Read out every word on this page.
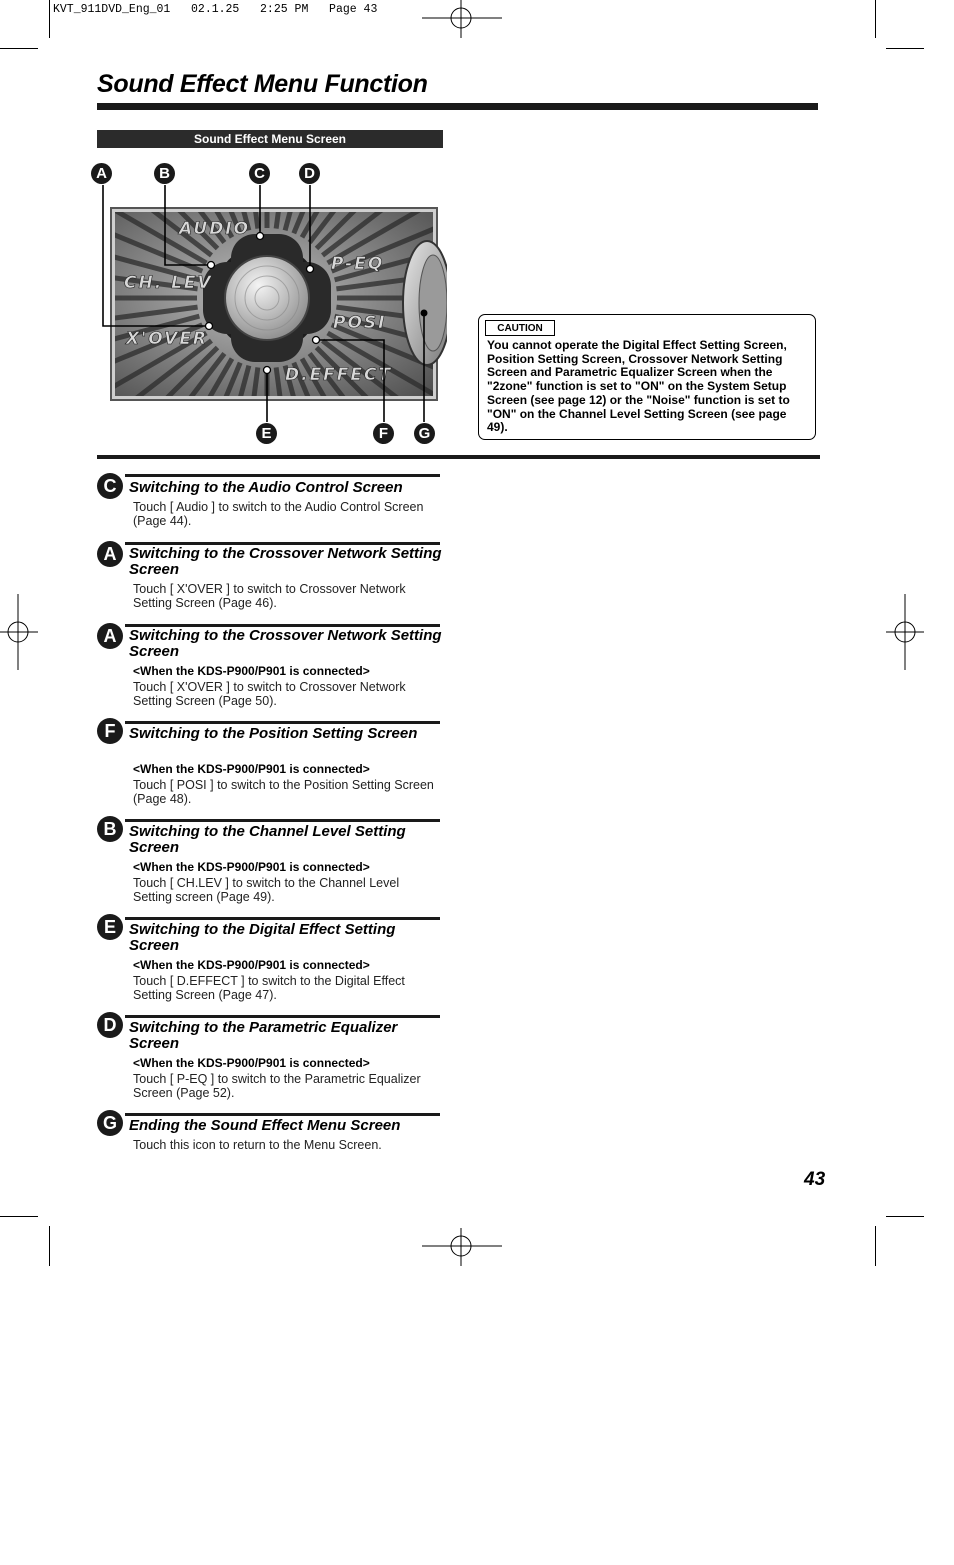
KVT_911DVD_Eng_01   02.1.25   2:25 PM   Page 43
Sound Effect Menu Function
Sound Effect Menu Screen
AUDIO
CH. LEV
X'OVER
P-EQ
POSI
D.EFFECT
A	B	C	D
E	F	G
CAUTION
You cannot operate the Digital Effect Setting Screen, Position Setting Screen, Crossover Network Setting Screen and Parametric Equalizer Screen when the "2zone" function is set to "ON" on the System Setup Screen (see page 12) or the "Noise" function is set to "ON" on the Channel Level Setting Screen (see page 49).
C Switching to the Audio Control Screen
Touch [ Audio ] to switch to the Audio Control Screen (Page 44).
A Switching to the Crossover Network Setting Screen
Touch [ X'OVER ] to switch to Crossover Network Setting Screen (Page 46).
A Switching to the Crossover Network Setting Screen
<When the KDS-P900/P901 is connected>
Touch [ X'OVER ] to switch to Crossover Network Setting Screen (Page 50).
F Switching to the Position Setting Screen
<When the KDS-P900/P901 is connected>
Touch [ POSI ] to switch to the Position Setting Screen (Page 48).
B Switching to the Channel Level Setting Screen
<When the KDS-P900/P901 is connected>
Touch [ CH.LEV ] to switch to the Channel Level Setting screen (Page 49).
E Switching to the Digital Effect Setting Screen
<When the KDS-P900/P901 is connected>
Touch [ D.EFFECT ] to switch to the Digital Effect Setting Screen (Page 47).
D Switching to the Parametric Equalizer Screen
<When the KDS-P900/P901 is connected>
Touch [ P-EQ ] to switch to the Parametric Equalizer Screen (Page 52).
G Ending the Sound Effect Menu Screen
Touch this icon to return to the Menu Screen.
43
